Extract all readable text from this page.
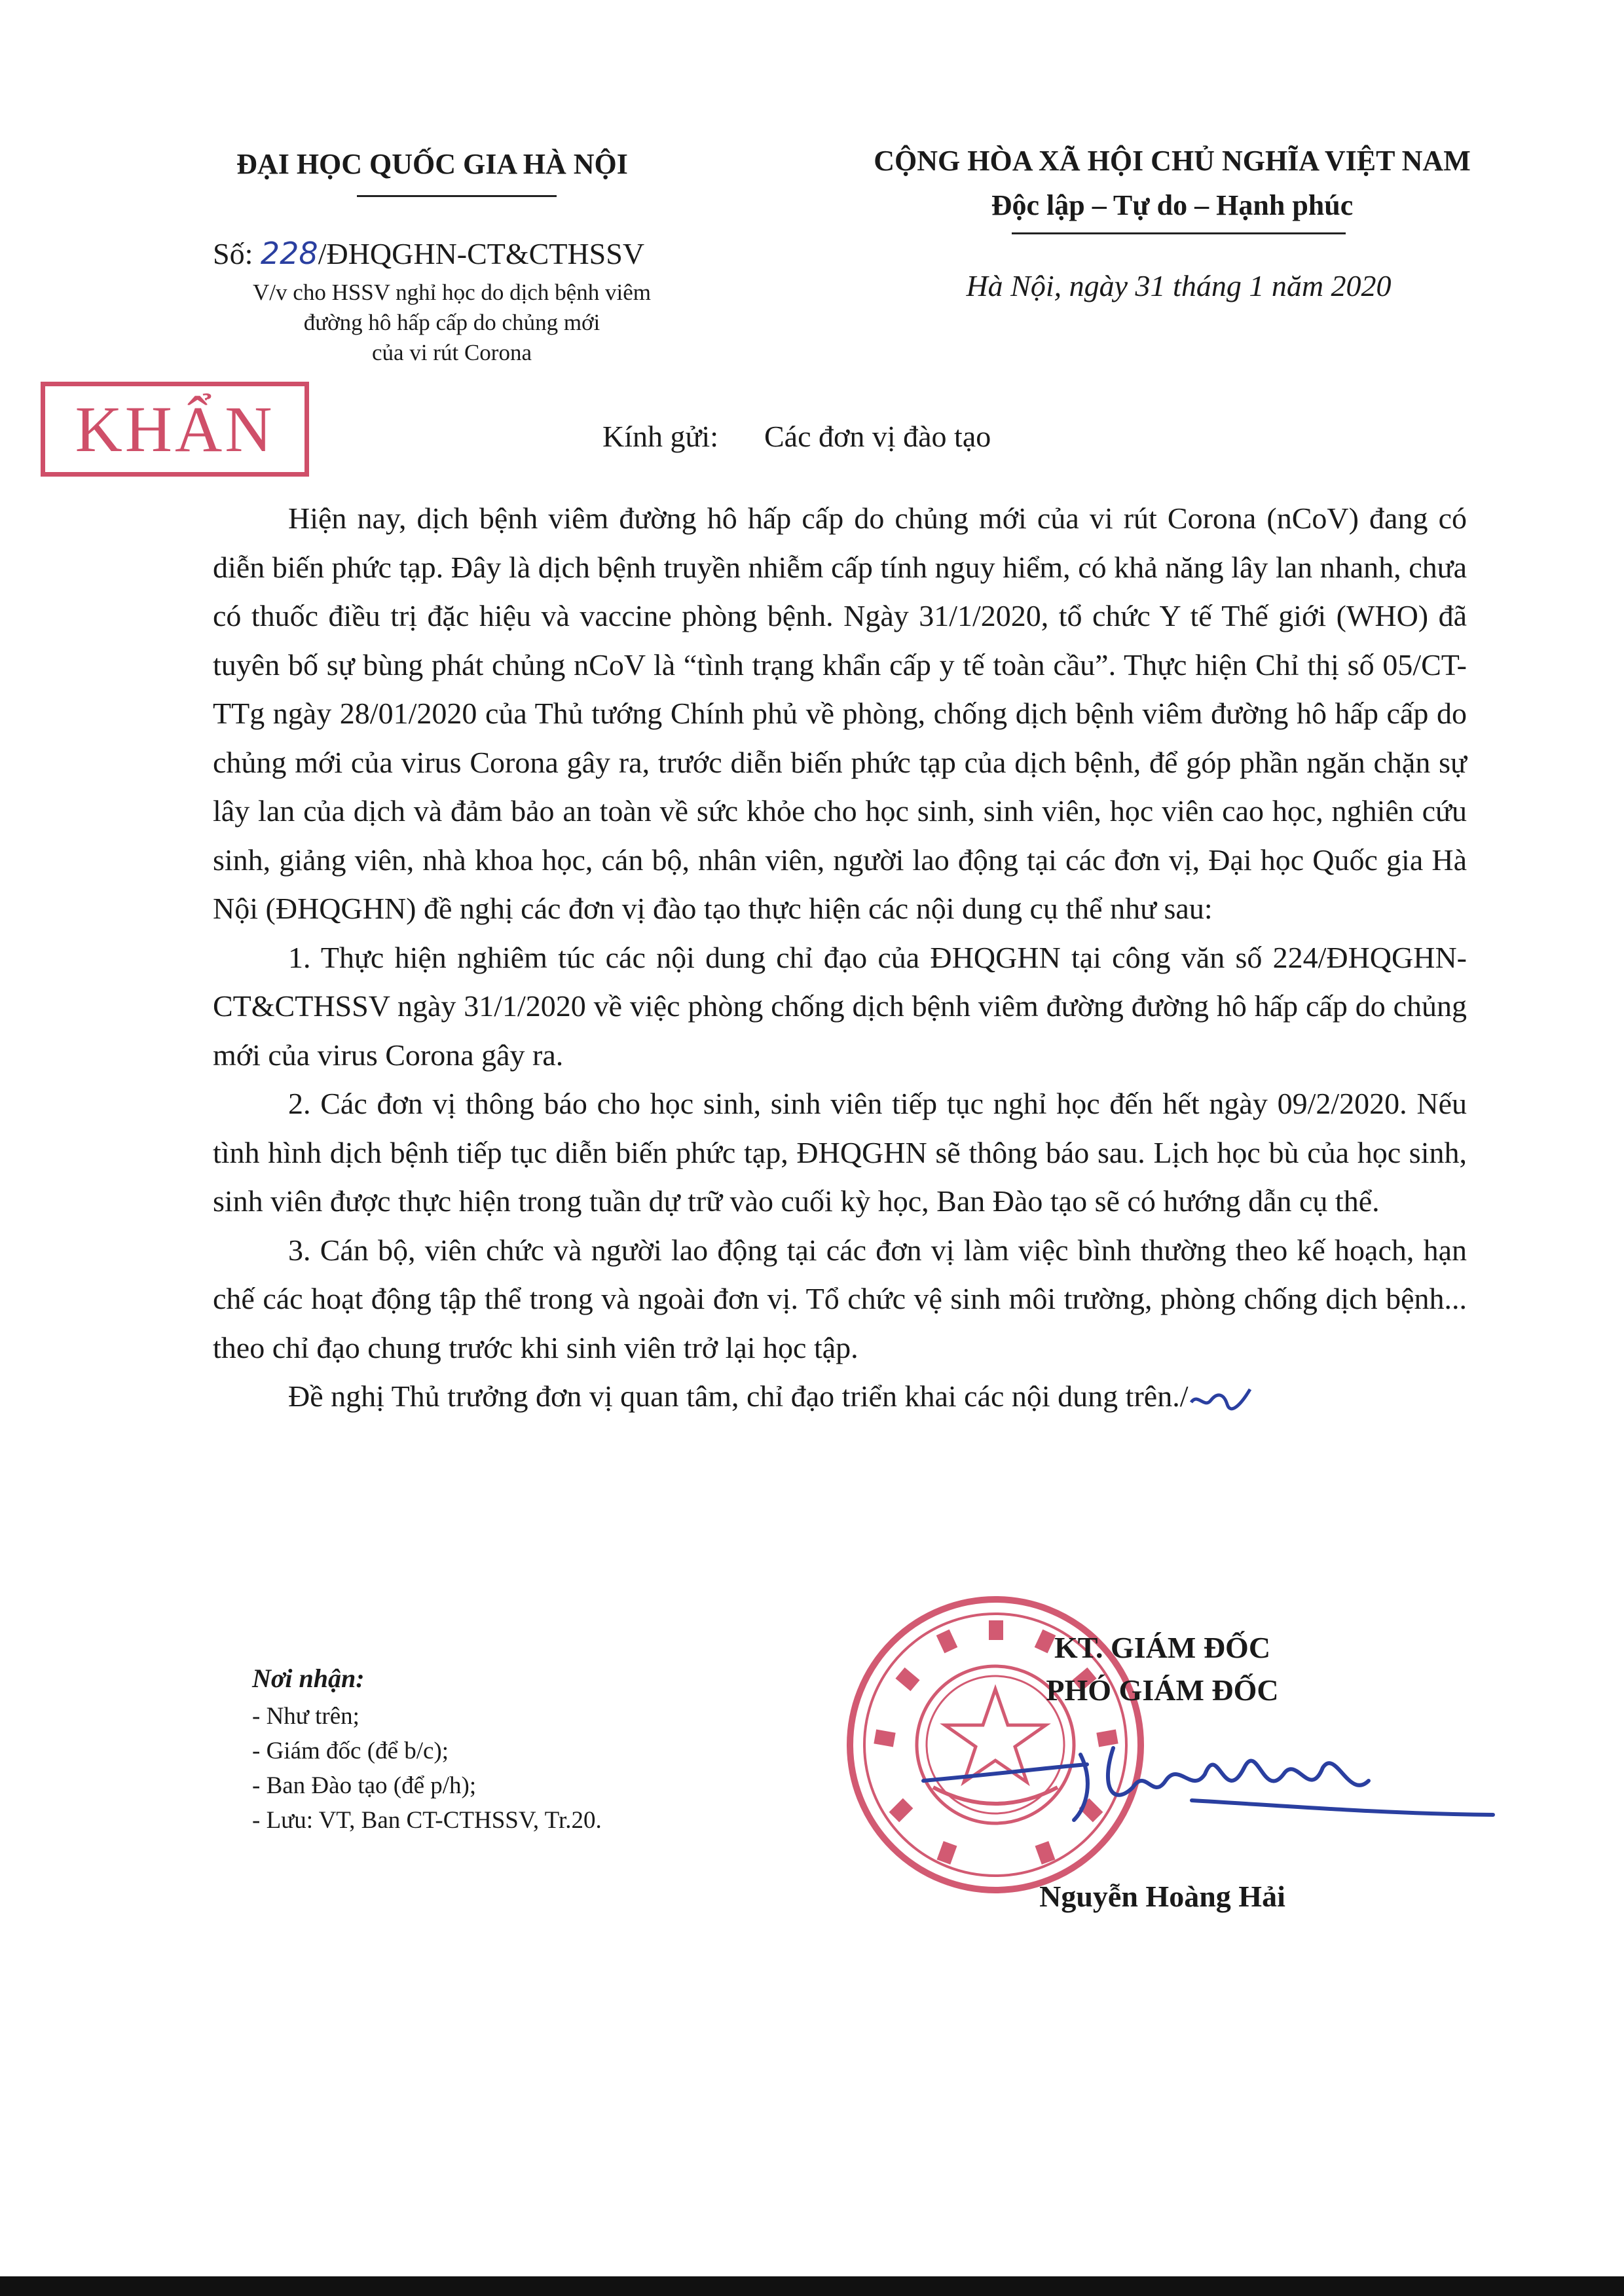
ĐẠI HỌC QUỐC GIA HÀ NỘI	CỘNG HÒA XÃ HỘI CHỦ NGHĨA VIỆT NAM
Độc lập – Tự do – Hạnh phúc
Số: 228/ĐHQGHN-CT&CTHSSV
V/v cho HSSV nghỉ học do dịch bệnh viêm
đường hô hấp cấp do chủng mới
của vi rút Corona
Hà Nội, ngày 31 tháng 1 năm 2020
KHẨN	Kính gửi: Các đơn vị đào tạo

Hiện nay, dịch bệnh viêm đường hô hấp cấp do chủng mới của vi rút Corona (nCoV) đang có diễn biến phức tạp. Đây là dịch bệnh truyền nhiễm cấp tính nguy hiểm, có khả năng lây lan nhanh, chưa có thuốc điều trị đặc hiệu và vaccine phòng bệnh. Ngày 31/1/2020, tổ chức Y tế Thế giới (WHO) đã tuyên bố sự bùng phát chủng nCoV là “tình trạng khẩn cấp y tế toàn cầu”. Thực hiện Chỉ thị số 05/CT-TTg ngày 28/01/2020 của Thủ tướng Chính phủ về phòng, chống dịch bệnh viêm đường hô hấp cấp do chủng mới của virus Corona gây ra, trước diễn biến phức tạp của dịch bệnh, để góp phần ngăn chặn sự lây lan của dịch và đảm bảo an toàn về sức khỏe cho học sinh, sinh viên, học viên cao học, nghiên cứu sinh, giảng viên, nhà khoa học, cán bộ, nhân viên, người lao động tại các đơn vị, Đại học Quốc gia Hà Nội (ĐHQGHN) đề nghị các đơn vị đào tạo thực hiện các nội dung cụ thể như sau:

1. Thực hiện nghiêm túc các nội dung chỉ đạo của ĐHQGHN tại công văn số 224/ĐHQGHN-CT&CTHSSV ngày 31/1/2020 về việc phòng chống dịch bệnh viêm đường đường hô hấp cấp do chủng mới của virus Corona gây ra.

2. Các đơn vị thông báo cho học sinh, sinh viên tiếp tục nghỉ học đến hết ngày 09/2/2020. Nếu tình hình dịch bệnh tiếp tục diễn biến phức tạp, ĐHQGHN sẽ thông báo sau. Lịch học bù của học sinh, sinh viên được thực hiện trong tuần dự trữ vào cuối kỳ học, Ban Đào tạo sẽ có hướng dẫn cụ thể.

3. Cán bộ, viên chức và người lao động tại các đơn vị làm việc bình thường theo kế hoạch, hạn chế các hoạt động tập thể trong và ngoài đơn vị. Tổ chức vệ sinh môi trường, phòng chống dịch bệnh... theo chỉ đạo chung trước khi sinh viên trở lại học tập.

Đề nghị Thủ trưởng đơn vị quan tâm, chỉ đạo triển khai các nội dung trên./

Nơi nhận:
- Như trên;
- Giám đốc (để b/c);
- Ban Đào tạo (để p/h);
- Lưu: VT, Ban CT-CTHSSV, Tr.20.
KT. GIÁM ĐỐC
PHÓ GIÁM ĐỐC
Nguyễn Hoàng Hải
